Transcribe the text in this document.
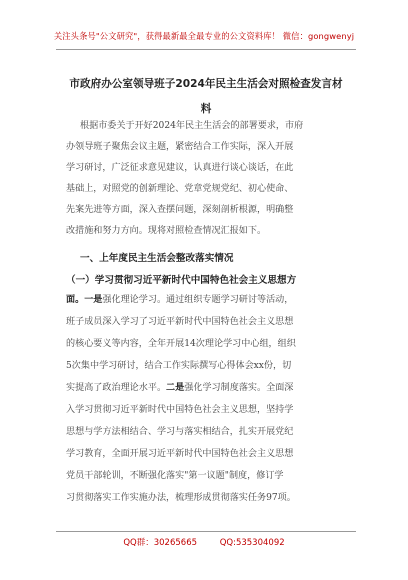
关注头条号"公文研究"，获得最新最全最专业的公文资料库！ 微信：gongwenyj
市政府办公室领导班子2024年民主生活会对照检查发言材
料
根据市委关于开好2024年民主生活会的部署要求，市府
办领导班子聚焦会议主题，紧密结合工作实际，深入开展
学习研讨，广泛征求意见建议，认真进行谈心谈话，在此
基础上，对照党的创新理论、党章党规党纪、初心使命、
先案先进等方面，深入查摆问题，深刻剖析根源，明确整
改措施和努力方向。现将对照检查情况汇报如下。
一、上年度民主生活会整改落实情况
（一）学习贯彻习近平新时代中国特色社会主义思想方
面。一是强化理论学习。通过组织专题学习研讨等活动，
班子成员深入学习了习近平新时代中国特色社会主义思想
的核心要义等内容，全年开展14次理论学习中心组，组织
5次集中学习研讨，结合工作实际撰写心得体会xx份，切
实提高了政治理论水平。二是强化学习制度落实。全面深
入学习贯彻习近平新时代中国特色社会主义思想，坚持学
思想与学方法相结合、学习与落实相结合，扎实开展党纪
学习教育，全面开展习近平新时代中国特色社会主义思想
党员干部轮训，不断强化落实"第一议题"制度，修订学
习贯彻落实工作实施办法，梳理形成贯彻落实任务97项。
QQ群：30265665	QQ:535304092
